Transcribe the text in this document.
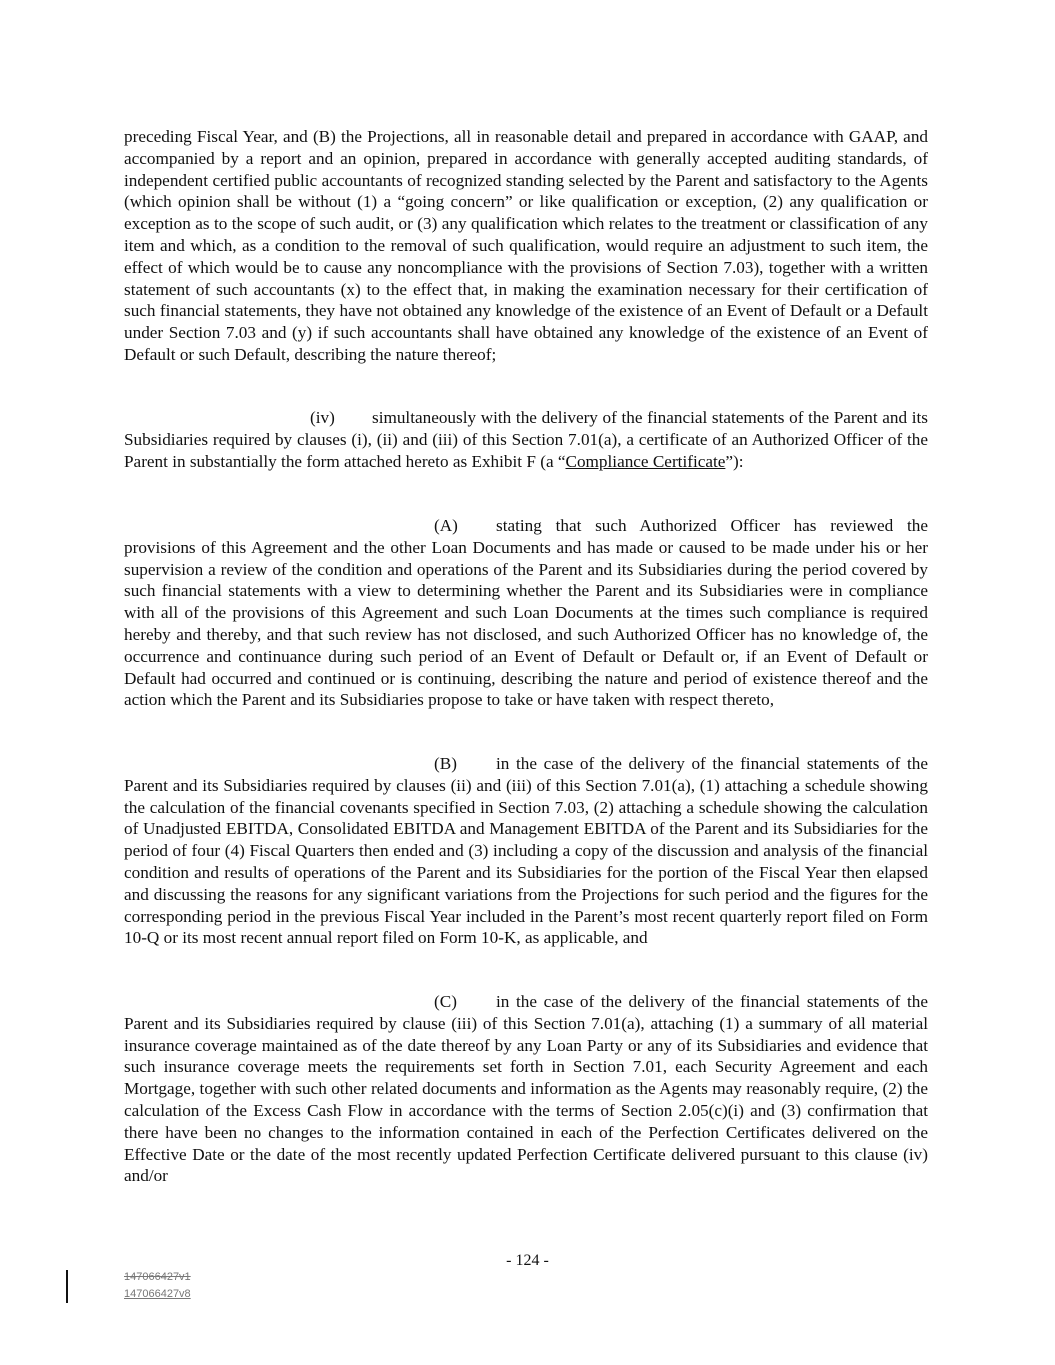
preceding Fiscal Year, and (B) the Projections, all in reasonable detail and prepared in accordance with GAAP, and accompanied by a report and an opinion, prepared in accordance with generally accepted auditing standards, of independent certified public accountants of recognized standing selected by the Parent and satisfactory to the Agents (which opinion shall be without (1) a “going concern” or like qualification or exception, (2) any qualification or exception as to the scope of such audit, or (3) any qualification which relates to the treatment or classification of any item and which, as a condition to the removal of such qualification, would require an adjustment to such item, the effect of which would be to cause any noncompliance with the provisions of Section 7.03), together with a written statement of such accountants (x) to the effect that, in making the examination necessary for their certification of such financial statements, they have not obtained any knowledge of the existence of an Event of Default or a Default under Section 7.03 and (y) if such accountants shall have obtained any knowledge of the existence of an Event of Default or such Default, describing the nature thereof;

(iv) simultaneously with the delivery of the financial statements of the Parent and its Subsidiaries required by clauses (i), (ii) and (iii) of this Section 7.01(a), a certificate of an Authorized Officer of the Parent in substantially the form attached hereto as Exhibit F (a “Compliance Certificate”):

(A) stating that such Authorized Officer has reviewed the provisions of this Agreement and the other Loan Documents and has made or caused to be made under his or her supervision a review of the condition and operations of the Parent and its Subsidiaries during the period covered by such financial statements with a view to determining whether the Parent and its Subsidiaries were in compliance with all of the provisions of this Agreement and such Loan Documents at the times such compliance is required hereby and thereby, and that such review has not disclosed, and such Authorized Officer has no knowledge of, the occurrence and continuance during such period of an Event of Default or Default or, if an Event of Default or Default had occurred and continued or is continuing, describing the nature and period of existence thereof and the action which the Parent and its Subsidiaries propose to take or have taken with respect thereto,

(B) in the case of the delivery of the financial statements of the Parent and its Subsidiaries required by clauses (ii) and (iii) of this Section 7.01(a), (1) attaching a schedule showing the calculation of the financial covenants specified in Section 7.03, (2) attaching a schedule showing the calculation of Unadjusted EBITDA, Consolidated EBITDA and Management EBITDA of the Parent and its Subsidiaries for the period of four (4) Fiscal Quarters then ended and (3) including a copy of the discussion and analysis of the financial condition and results of operations of the Parent and its Subsidiaries for the portion of the Fiscal Year then elapsed and discussing the reasons for any significant variations from the Projections for such period and the figures for the corresponding period in the previous Fiscal Year included in the Parent’s most recent quarterly report filed on Form 10-Q or its most recent annual report filed on Form 10-K, as applicable, and

(C) in the case of the delivery of the financial statements of the Parent and its Subsidiaries required by clause (iii) of this Section 7.01(a), attaching (1) a summary of all material insurance coverage maintained as of the date thereof by any Loan Party or any of its Subsidiaries and evidence that such insurance coverage meets the requirements set forth in Section 7.01, each Security Agreement and each Mortgage, together with such other related documents and information as the Agents may reasonably require, (2) the calculation of the Excess Cash Flow in accordance with the terms of Section 2.05(c)(i) and (3) confirmation that there have been no changes to the information contained in each of the Perfection Certificates delivered on the Effective Date or the date of the most recently updated Perfection Certificate delivered pursuant to this clause (iv) and/or

- 124 -
147066427v1
147066427v8
